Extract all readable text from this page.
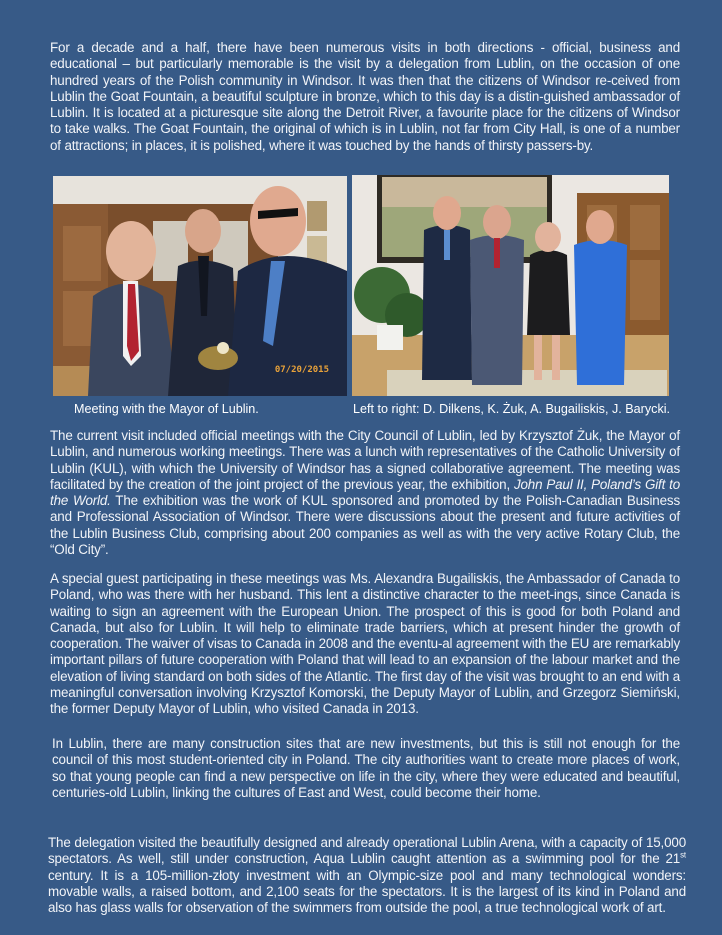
For a decade and a half, there have been numerous visits in both directions - official, business and educational – but particularly memorable is the visit by a delegation from Lublin, on the occasion of one hundred years of the Polish community in Windsor. It was then that the citizens of Windsor re-ceived from Lublin the Goat Fountain, a beautiful sculpture in bronze, which to this day is a distin-guished ambassador of Lublin. It is located at a picturesque site along the Detroit River, a favourite place for the citizens of Windsor to take walks. The Goat Fountain, the original of which is in Lublin, not far from City Hall, is one of a number of attractions; in places, it is polished, where it was touched by the hands of thirsty passers-by.

07/20/2015
Meeting with the Mayor of Lublin.	Left to right: D. Dilkens, K. Żuk, A. Bugailiskis, J. Barycki.

The current visit included official meetings with the City Council of Lublin, led by Krzysztof Żuk, the Mayor of Lublin, and numerous working meetings. There was a lunch with representatives of the Catholic University of Lublin (KUL), with which the University of Windsor has a signed collaborative agreement. The meeting was facilitated by the creation of the joint project of the previous year, the exhibition, John Paul II, Poland’s Gift to the World. The exhibition was the work of KUL sponsored and promoted by the Polish-Canadian Business and Professional Association of Windsor. There were discussions about the present and future activities of the Lublin Business Club, comprising about 200 companies as well as with the very active Rotary Club, the “Old City”.

A special guest participating in these meetings was Ms. Alexandra Bugailiskis, the Ambassador of Canada to Poland, who was there with her husband. This lent a distinctive character to the meet-ings, since Canada is waiting to sign an agreement with the European Union. The prospect of this is good for both Poland and Canada, but also for Lublin. It will help to eliminate trade barriers, which at present hinder the growth of cooperation. The waiver of visas to Canada in 2008 and the eventu-al agreement with the EU are remarkably important pillars of future cooperation with Poland that will lead to an expansion of the labour market and the elevation of living standard on both sides of the Atlantic. The first day of the visit was brought to an end with a meaningful conversation involving Krzysztof Komorski, the Deputy Mayor of Lublin, and Grzegorz Siemiński, the former Deputy Mayor of Lublin, who visited Canada in 2013.

In Lublin, there are many construction sites that are new investments, but this is still not enough for the council of this most student-oriented city in Poland. The city authorities want to create more places of work, so that young people can find a new perspective on life in the city, where they were educated and beautiful, centuries-old Lublin, linking the cultures of East and West, could become their home.

The delegation visited the beautifully designed and already operational Lublin Arena, with a capacity of 15,000 spectators. As well, still under construction, Aqua Lublin caught attention as a swimming pool for the 21st century. It is a 105-million-złoty investment with an Olympic-size pool and many technological wonders: movable walls, a raised bottom, and 2,100 seats for the spectators. It is the largest of its kind in Poland and also has glass walls for observation of the swimmers from outside the pool, a true technological work of art.
